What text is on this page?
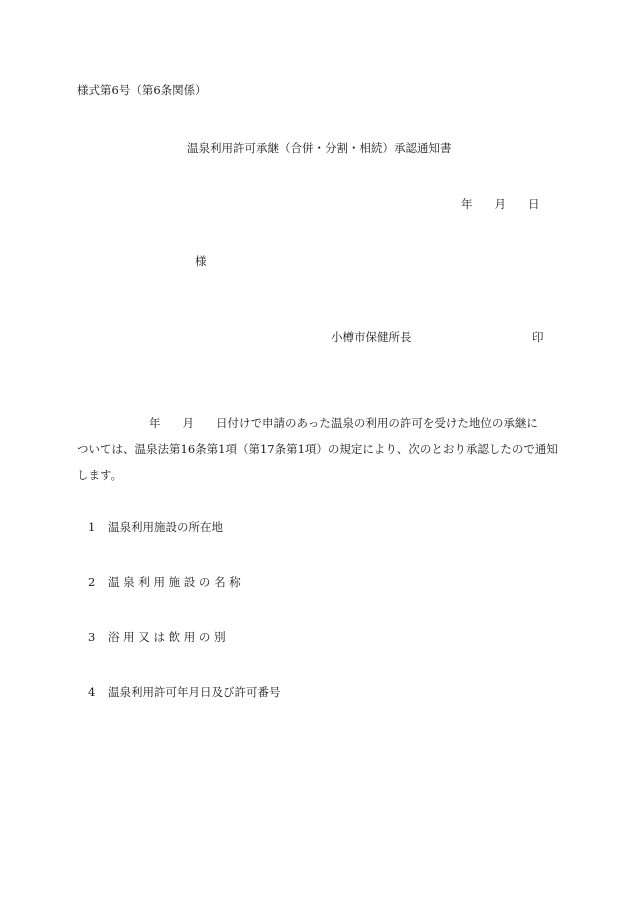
様式第6号（第6条関係）
温泉利用許可承継（合併・分割・相続）承認通知書
年 月 日
様
小樽市保健所長	印
年 月 日付けで申請のあった温泉の利用の許可を受けた地位の承継に
ついては、温泉法第16条第1項（第17条第1項）の規定により、次のとおり承認したので通知
します。
1 温泉利用施設の所在地
2 温 泉 利 用 施 設 の 名 称
3 浴 用 又 は 飲 用 の 別
4 温泉利用許可年月日及び許可番号
